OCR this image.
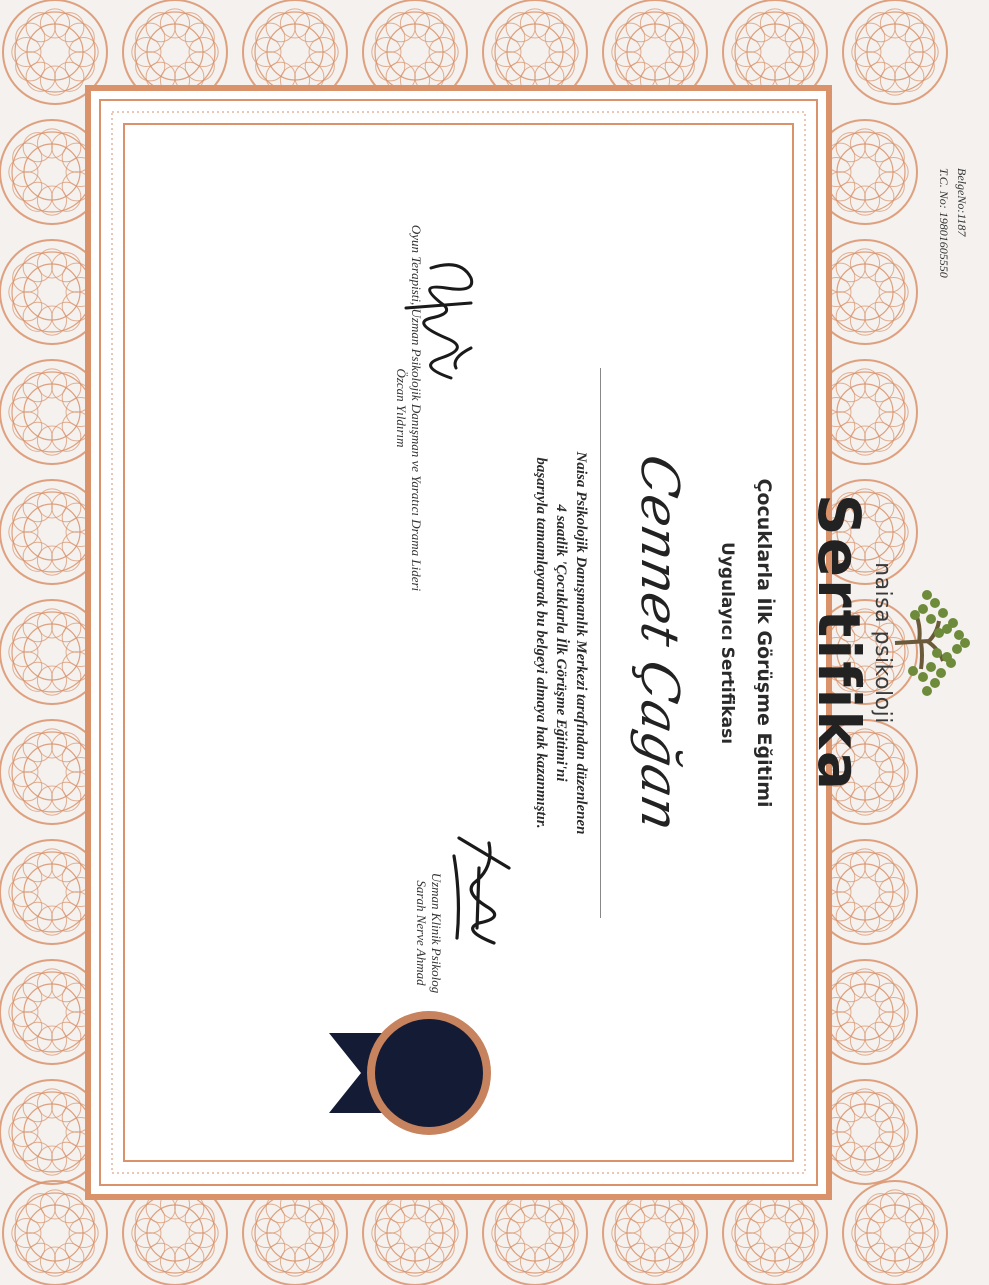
BelgeNo:1187
T.C. No: 19801605550
naisa psikoloji
Sertifika
Çocuklarla İlk Görüşme Eğitimi
Uygulayıcı Sertifikası
Cennet Çağan
Naisa Psikolojik Danışmanlık Merkezi tarafından düzenlenen
4 saatlik 'Çocuklarla İlk Görüşme Eğitimi'ni
başarıyla tamamlayarak bu belgeyi almaya hak kazanmıştır.
Uzman Klinik Psikolog
Sarah Nerve Ahmad
Oyun Terapisti, Uzman Psikolojik Danışman ve Yaratıcı Drama Lideri
Özcan Yıldırım
